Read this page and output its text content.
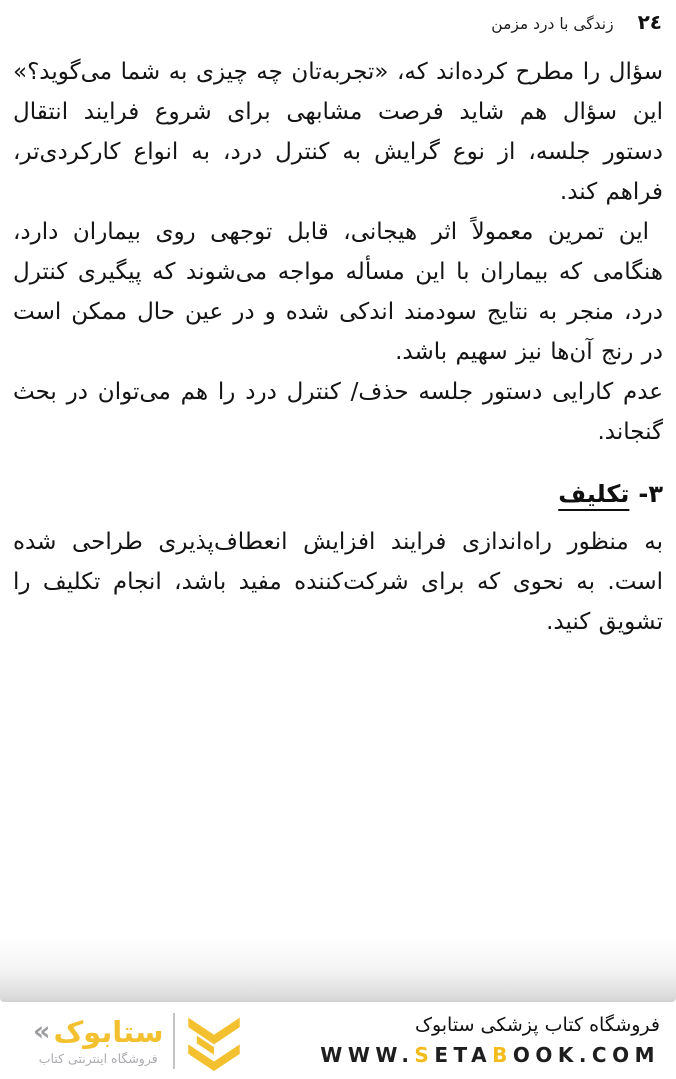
٢٤
زندگی با درد مزمن

سؤال را مطرح کرده‌اند که، «تجربه‌تان چه چیزی به شما می‌گوید؟» این سؤال هم شاید فرصت مشابهی برای شروع فرایند انتقال دستور جلسه، از نوع گرایش به کنترل درد، به انواع کارکردی‌تر، فراهم کند.

این تمرین معمولاً اثر هیجانی، قابل توجهی روی بیماران دارد، هنگامی که بیماران با این مسأله مواجه می‌شوند که پیگیری کنترل درد، منجر به نتایج سودمند اندکی شده و در عین حال ممکن است در رنج آن‌ها نیز سهیم باشد.

عدم کارایی دستور جلسه حذف/ کنترل درد را هم می‌توان در بحث گنجاند.

۳-
تکلیف

به منظور راه‌اندازی فرایند افزایش انعطاف‌پذیری طراحی شده است. به نحوی که برای شرکت‌کننده مفید باشد، انجام تکلیف را تشویق کنید.

فروشگاه کتاب پزشکی ستابوک
WWW. S ETA B OOK.COM
« ستابوک
فروشگاه اینترنتی کتاب
